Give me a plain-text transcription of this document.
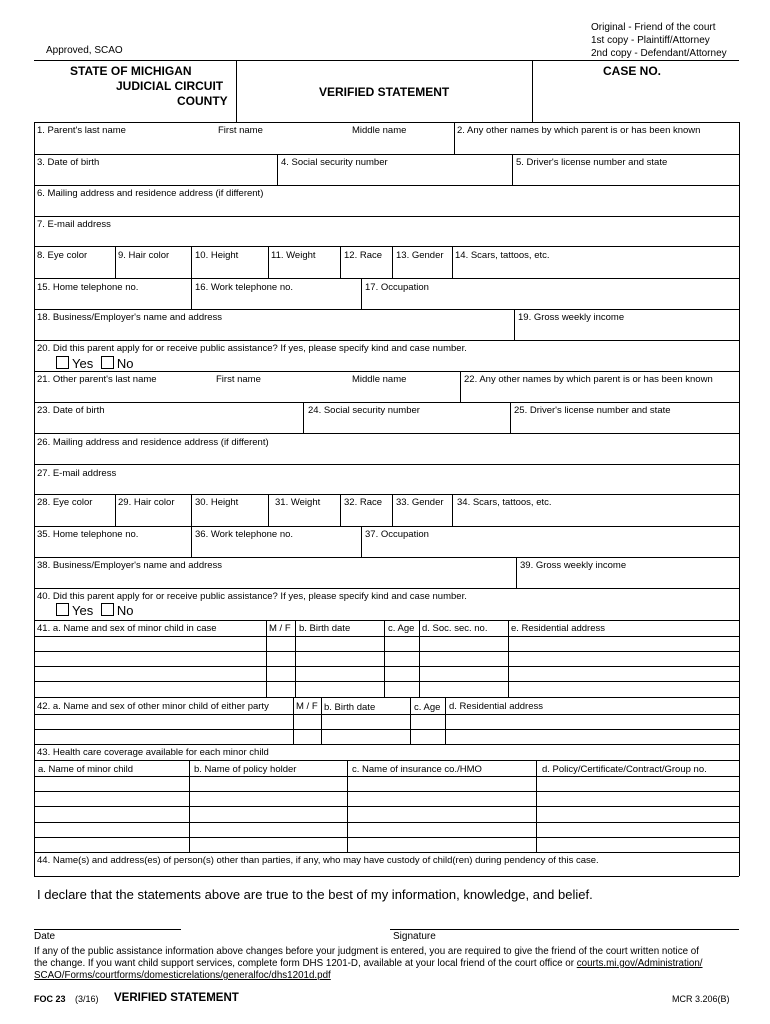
Original - Friend of the court
1st copy - Plaintiff/Attorney
2nd copy - Defendant/Attorney
Approved, SCAO
STATE OF MICHIGAN
JUDICIAL CIRCUIT
COUNTY
VERIFIED STATEMENT
CASE NO.
1. Parent's last name	First name	Middle name	2. Any other names by which parent is or has been known
3. Date of birth	4. Social security number	5. Driver's license number and state
6. Mailing address and residence address (if different)
7. E-mail address
8. Eye color	9. Hair color	10. Height	11. Weight	12. Race 13. Gender 14. Scars, tattoos, etc.
15. Home telephone no.	16. Work telephone no.	17. Occupation
18. Business/Employer's name and address	19. Gross weekly income
20. Did this parent apply for or receive public assistance? If yes, please specify kind and case number.
Yes No
21. Other parent's last name	First name	Middle name	22. Any other names by which parent is or has been known
23. Date of birth	24. Social security number	25. Driver's license number and state
26. Mailing address and residence address (if different)
27. E-mail address
28. Eye color	29. Hair color 30. Height	31. Weight	32. Race 33. Gender 34. Scars, tattoos, etc.
35. Home telephone no.	36. Work telephone no.	37. Occupation
38. Business/Employer's name and address	39. Gross weekly income
40. Did this parent apply for or receive public assistance? If yes, please specify kind and case number.
Yes No
41. a. Name and sex of minor child in case	M / F b. Birth date	c. Age d. Soc. sec. no. e. Residential address
42. a. Name and sex of other minor child of either party	M / F b. Birth date	c. Age d. Residential address
43. Health care coverage available for each minor child
a. Name of minor child	b. Name of policy holder	c. Name of insurance co./HMO	d. Policy/Certificate/Contract/Group no.
44. Name(s) and address(es) of person(s) other than parties, if any, who may have custody of child(ren) during pendency of this case.
I declare that the statements above are true to the best of my information, knowledge, and belief.
Date	Signature
If any of the public assistance information above changes before your judgment is entered, you are required to give the friend of the court written notice of
the change. If you want child support services, complete form DHS 1201-D, available at your local friend of the court office or courts.mi.gov/Administration/
SCAO/Forms/courtforms/domesticrelations/generalfoc/dhs1201d.pdf
FOC 23 (3/16) VERIFIED STATEMENT	MCR 3.206(B)
